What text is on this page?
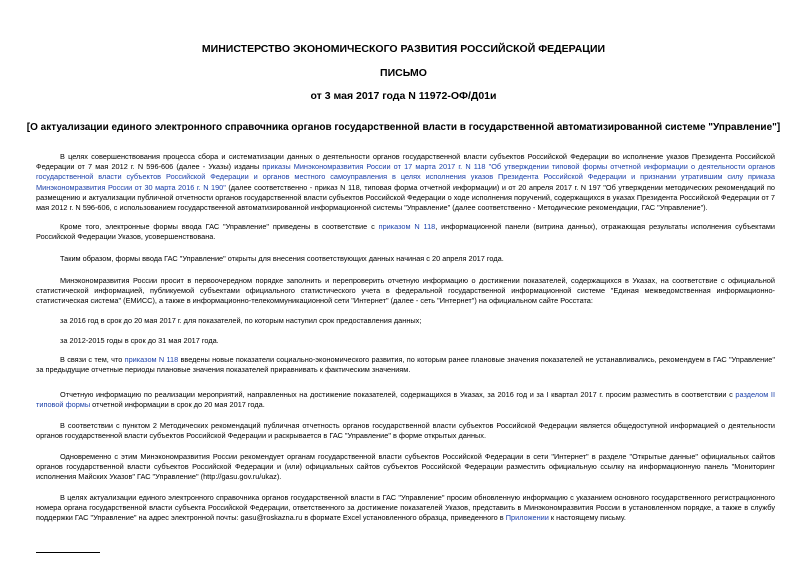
МИНИСТЕРСТВО ЭКОНОМИЧЕСКОГО РАЗВИТИЯ РОССИЙСКОЙ ФЕДЕРАЦИИ
ПИСЬМО
от 3 мая 2017 года N 11972-ОФ/Д01и
[О актуализации единого электронного справочника органов государственной власти в государственной автоматизированной системе "Управление"]
В целях совершенствования процесса сбора и систематизации данных о деятельности органов государственной власти субъектов Российской Федерации во исполнение указов Президента Российской Федерации от 7 мая 2012 г. N 596-606 (далее - Указы) изданы приказы Минэкономразвития России от 17 марта 2017 г. N 118 "Об утверждении типовой формы отчетной информации о деятельности органов государственной власти субъектов Российской Федерации и органов местного самоуправления в целях исполнения указов Президента Российской Федерации и признании утратившим силу приказа Минэкономразвития России от 30 марта 2016 г. N 190" (далее соответственно - приказ N 118, типовая форма отчетной информации) и от 20 апреля 2017 г. N 197 "Об утверждении методических рекомендаций по размещению и актуализации публичной отчетности органов государственной власти субъектов Российской Федерации о ходе исполнения поручений, содержащихся в указах Президента Российской Федерации от 7 мая 2012 г. N 596-606, с использованием государственной автоматизированной информационной системы "Управление" (далее соответственно - Методические рекомендации, ГАС "Управление").
Кроме того, электронные формы ввода ГАС "Управление" приведены в соответствие с приказом N 118, информационной панели (витрина данных), отражающая результаты исполнения субъектами Российской Федерации Указов, усовершенствована.
Таким образом, формы ввода ГАС "Управление" открыты для внесения соответствующих данных начиная с 20 апреля 2017 года.
Минэкономразвития России просит в первоочередном порядке заполнить и перепроверить отчетную информацию о достижении показателей, содержащихся в Указах, на соответствие с официальной статистической информацией, публикуемой субъектами официального статистического учета в федеральной государственной информационной системе "Единая межведомственная информационно- статистическая система" (ЕМИСС), а также в информационно-телекоммуникационной сети "Интернет" (далее - сеть "Интернет") на официальном сайте Росстата:
за 2016 год в срок до 20 мая 2017 г. для показателей, по которым наступил срок предоставления данных;
за 2012-2015 годы в срок до 31 мая 2017 года.
В связи с тем, что приказом N 118 введены новые показатели социально-экономического развития, по которым ранее плановые значения показателей не устанавливались, рекомендуем в ГАС "Управление" за предыдущие отчетные периоды плановые значения показателей приравнивать к фактическим значениям.
Отчетную информацию по реализации мероприятий, направленных на достижение показателей, содержащихся в Указах, за 2016 год и за I квартал 2017 г. просим разместить в соответствии с разделом II типовой формы отчетной информации в срок до 20 мая 2017 года.
В соответствии с пунктом 2 Методических рекомендаций публичная отчетность органов государственной власти субъектов Российской Федерации является общедоступной информацией о деятельности органов государственной власти субъектов Российской Федерации и раскрывается в ГАС "Управление" в форме открытых данных.
Одновременно с этим Минэкономразвития России рекомендует органам государственной власти субъектов Российской Федерации в сети "Интернет" в разделе "Открытые данные" официальных сайтов органов государственной власти субъектов Российской Федерации и (или) официальных сайтов субъектов Российской Федерации разместить официальную ссылку на информационную панель "Мониторинг исполнения Майских Указов" ГАС "Управление" (http://gasu.gov.ru/ukaz).
В целях актуализации единого электронного справочника органов государственной власти в ГАС "Управление" просим обновленную информацию с указанием основного государственного регистрационного номера органа государственной власти субъекта Российской Федерации, ответственного за достижение показателей Указов, представить в Минэкономразвития России в установленном порядке, а также в службу поддержки ГАС "Управление" на адрес электронной почты: gasu@roskazna.ru в формате Excel установленного образца, приведенного в Приложении к настоящему письму.
